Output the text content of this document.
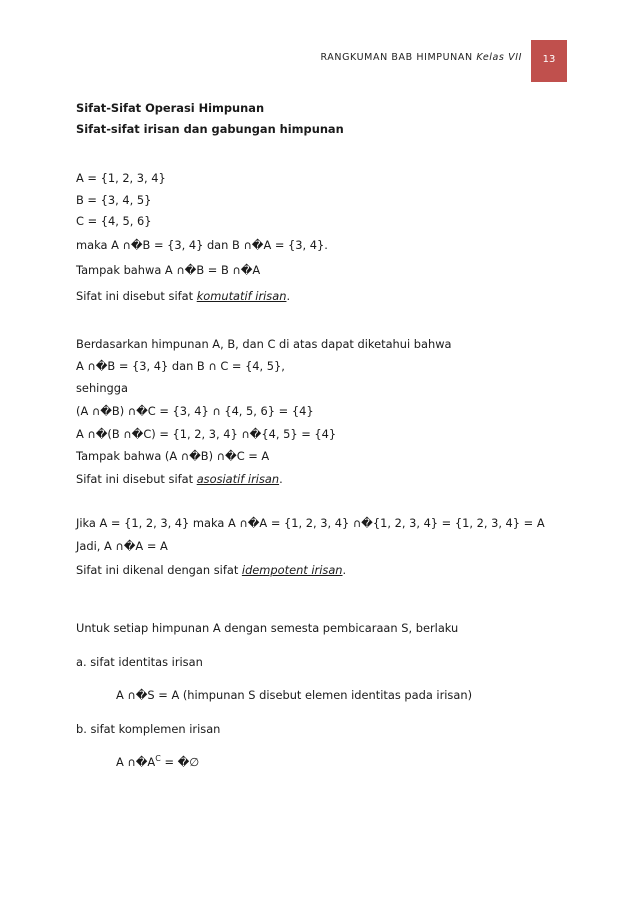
RANGKUMAN BAB HIMPUNAN Kelas VII 13
Sifat-Sifat Operasi Himpunan
Sifat-sifat irisan dan gabungan himpunan
A = {1, 2, 3, 4}
B = {3, 4, 5}
C = {4, 5, 6}
maka A ∩�B = {3, 4} dan B ∩�A = {3, 4}.
Tampak bahwa A ∩�B = B ∩�A
Sifat ini disebut sifat komutatif irisan.
Berdasarkan himpunan A, B, dan C di atas dapat diketahui bahwa
A ∩�B = {3, 4} dan B ∩ C = {4, 5},
sehingga
(A ∩�B) ∩�C = {3, 4} ∩ {4, 5, 6} = {4}
A ∩�(B ∩�C) = {1, 2, 3, 4} ∩�{4, 5} = {4}
Tampak bahwa (A ∩�B) ∩�C = A
Sifat ini disebut sifat asosiatif irisan.
Jika A = {1, 2, 3, 4} maka A ∩�A = {1, 2, 3, 4} ∩�{1, 2, 3, 4} = {1, 2, 3, 4} = A
Jadi, A ∩�A = A
Sifat ini dikenal dengan sifat idempotent irisan.
Untuk setiap himpunan A dengan semesta pembicaraan S, berlaku
a. sifat identitas irisan
A ∩�S = A (himpunan S disebut elemen identitas pada irisan)
b. sifat komplemen irisan
A $\cap�A^C$ = �∅
